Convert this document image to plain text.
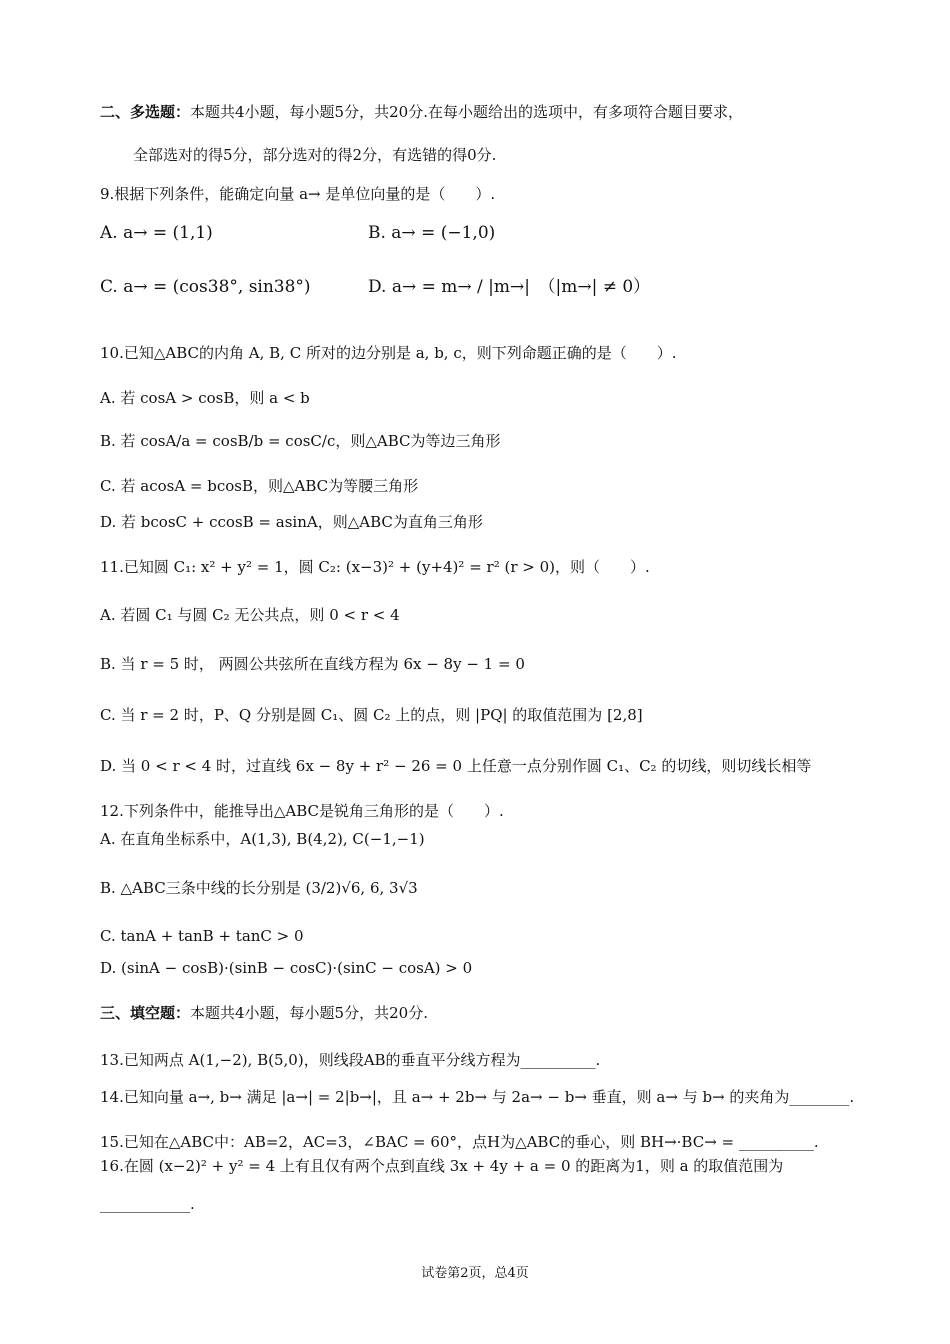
二、多选题：本题共4小题，每小题5分，共20分.在每小题给出的选项中，有多项符合题目要求，
全部选对的得5分，部分选对的得2分，有选错的得0分.
9.根据下列条件，能确定向量 a→ 是单位向量的是（　　）.
A. a→ = (1,1)	B. a→ = (−1,0)
C. a→ = (cos38°, sin38°)	D. a→ = m→ / |m→|　（|m→| ≠ 0）
10.已知△ABC的内角 A, B, C 所对的边分别是 a, b, c，则下列命题正确的是（　　）.
A. 若 cosA > cosB，则 a < b
B. 若 cosA/a = cosB/b = cosC/c，则△ABC为等边三角形
C. 若 acosA = bcosB，则△ABC为等腰三角形
D. 若 bcosC + ccosB = asinA，则△ABC为直角三角形
11.已知圆 C₁: x² + y² = 1，圆 C₂: (x−3)² + (y+4)² = r² (r > 0)，则（　　）.
A. 若圆 C₁ 与圆 C₂ 无公共点，则 0 < r < 4
B. 当 r = 5 时， 两圆公共弦所在直线方程为 6x − 8y − 1 = 0
C. 当 r = 2 时，P、Q 分别是圆 C₁、圆 C₂ 上的点，则 |PQ| 的取值范围为 [2,8]
D. 当 0 < r < 4 时，过直线 6x − 8y + r² − 26 = 0 上任意一点分别作圆 C₁、C₂ 的切线，则切线长相等
12.下列条件中，能推导出△ABC是锐角三角形的是（　　）.
A. 在直角坐标系中，A(1,3), B(4,2), C(−1,−1)
B. △ABC三条中线的长分别是 (3/2)√6, 6, 3√3
C. tanA + tanB + tanC > 0
D. (sinA − cosB)·(sinB − cosC)·(sinC − cosA) > 0
三、填空题：本题共4小题，每小题5分，共20分.
13.已知两点 A(1,−2), B(5,0)，则线段AB的垂直平分线方程为__________.
14.已知向量 a→, b→ 满足 |a→| = 2|b→|，且 a→ + 2b→ 与 2a→ − b→ 垂直，则 a→ 与 b→ 的夹角为________.
15.已知在△ABC中：AB=2，AC=3，∠BAC = 60°，点H为△ABC的垂心，则 BH→·BC→ = __________.
16.在圆 (x−2)² + y² = 4 上有且仅有两个点到直线 3x + 4y + a = 0 的距离为1，则 a 的取值范围为
____________.
试卷第2页，总4页
